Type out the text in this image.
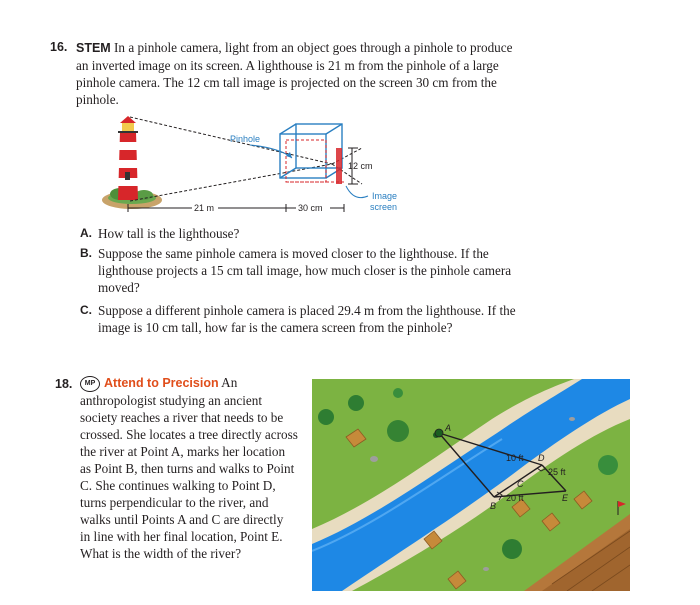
16. STEM In a pinhole camera, light from an object goes through a pinhole to produce
an inverted image on its screen. A lighthouse is 21 m from the pinhole of a large
pinhole camera. The 12 cm tall image is projected on the screen 30 cm from the
pinhole.
Pinhole
12 cm
Image
screen
21 m	30 cm
A. How tall is the lighthouse?
B. Suppose the same pinhole camera is moved closer to the lighthouse. If the
lighthouse projects a 15 cm tall image, how much closer is the pinhole camera
moved?
C. Suppose a different pinhole camera is placed 29.4 m from the lighthouse. If the
image is 10 cm tall, how far is the camera screen from the pinhole?
18.	MP Attend to Precision An
anthropologist studying an ancient
society reaches a river that needs to be
crossed. She locates a tree directly across
the river at Point A, marks her location
as Point B, then turns and walks to Point
C. She continues walking to Point D,
turns perpendicular to the river, and
walks until Points A and C are directly
in line with her final location, Point E.
What is the width of the river?
A
B
C
D
E
10 ft
25 ft
20 ft
